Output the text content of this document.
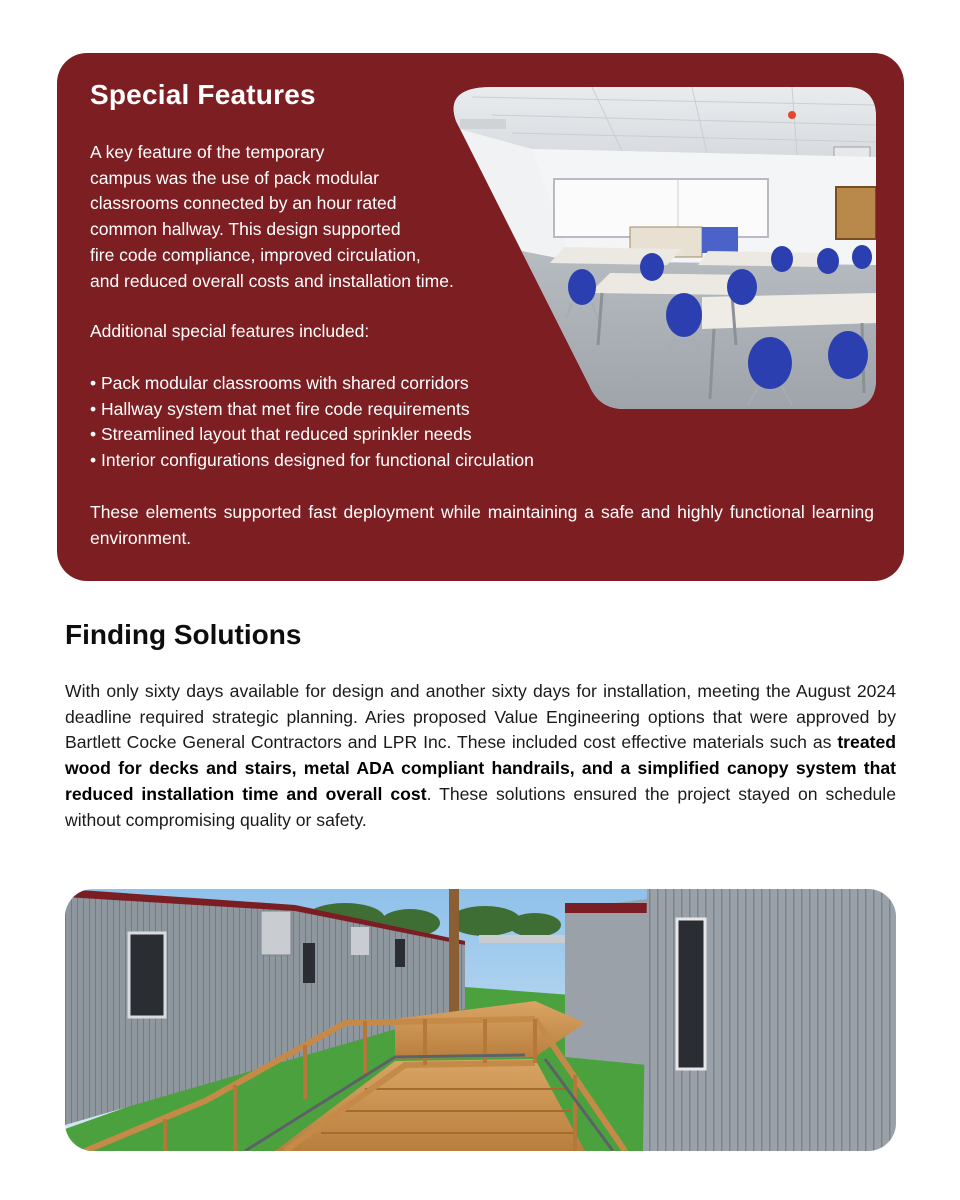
Special Features

A key feature of the temporary
campus was the use of pack modular
classrooms connected by an hour rated
common hallway. This design supported
fire code compliance, improved circulation,
and reduced overall costs and installation time.

Additional special features included:

• Pack modular classrooms with shared corridors
• Hallway system that met fire code requirements
• Streamlined layout that reduced sprinkler needs
• Interior configurations designed for functional circulation

These elements supported fast deployment while maintaining a safe and highly functional learning environment.

Finding Solutions

With only sixty days available for design and another sixty days for installation, meeting the August 2024 deadline required strategic planning. Aries proposed Value Engineering options that were approved by Bartlett Cocke General Contractors and LPR Inc. These included cost effective materials such as treated wood for decks and stairs, metal ADA compliant handrails, and a simplified canopy system that reduced installation time and overall cost. These solutions ensured the project stayed on schedule without compromising quality or safety.
